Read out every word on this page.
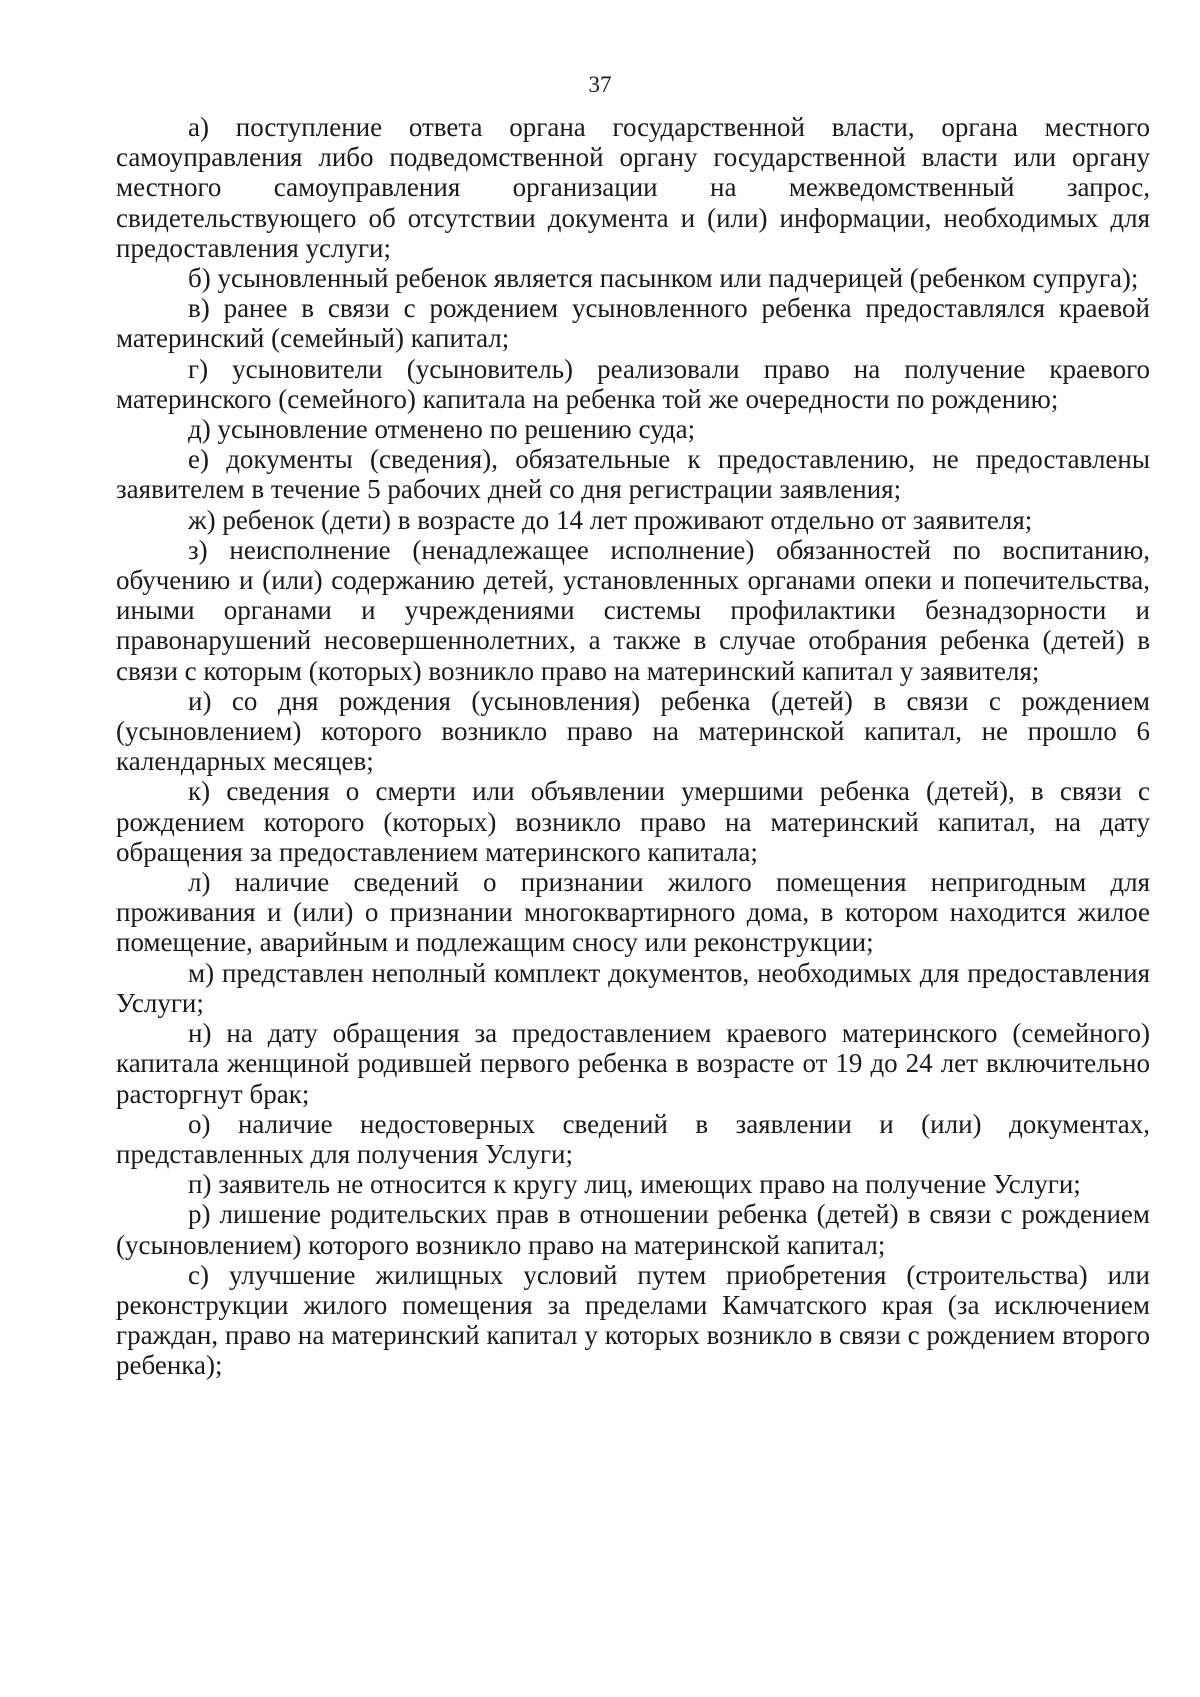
37

а) поступление ответа органа государственной власти, органа местного самоуправления либо подведомственной органу государственной власти или органу местного самоуправления организации на межведомственный запрос, свидетельствующего об отсутствии документа и (или) информации, необходимых для предоставления услуги;

б) усыновленный ребенок является пасынком или падчерицей (ребенком супруга);

в) ранее в связи с рождением усыновленного ребенка предоставлялся краевой материнский (семейный) капитал;

г) усыновители (усыновитель) реализовали право на получение краевого материнского (семейного) капитала на ребенка той же очередности по рождению;

д) усыновление отменено по решению суда;

е) документы (сведения), обязательные к предоставлению, не предоставлены заявителем в течение 5 рабочих дней со дня регистрации заявления;

ж) ребенок (дети) в возрасте до 14 лет проживают отдельно от заявителя;

з) неисполнение (ненадлежащее исполнение) обязанностей по воспитанию, обучению и (или) содержанию детей, установленных органами опеки и попечительства, иными органами и учреждениями системы профилактики безнадзорности и правонарушений несовершеннолетних, а также в случае отобрания ребенка (детей) в связи с которым (которых) возникло право на материнский капитал у заявителя;

и) со дня рождения (усыновления) ребенка (детей) в связи с рождением (усыновлением) которого возникло право на материнской капитал, не прошло 6 календарных месяцев;

к) сведения о смерти или объявлении умершими ребенка (детей), в связи с рождением которого (которых) возникло право на материнский капитал, на дату обращения за предоставлением материнского капитала;

л) наличие сведений о признании жилого помещения непригодным для проживания и (или) о признании многоквартирного дома, в котором находится жилое помещение, аварийным и подлежащим сносу или реконструкции;

м) представлен неполный комплект документов, необходимых для предоставления Услуги;

н) на дату обращения за предоставлением краевого материнского (семейного) капитала женщиной родившей первого ребенка в возрасте от 19 до 24 лет включительно расторгнут брак;

о) наличие недостоверных сведений в заявлении и (или) документах, представленных для получения Услуги;

п) заявитель не относится к кругу лиц, имеющих право на получение Услуги;

р) лишение родительских прав в отношении ребенка (детей) в связи с рождением (усыновлением) которого возникло право на материнской капитал;

с) улучшение жилищных условий путем приобретения (строительства) или реконструкции жилого помещения за пределами Камчатского края (за исключением граждан, право на материнский капитал у которых возникло в связи с рождением второго ребенка);
